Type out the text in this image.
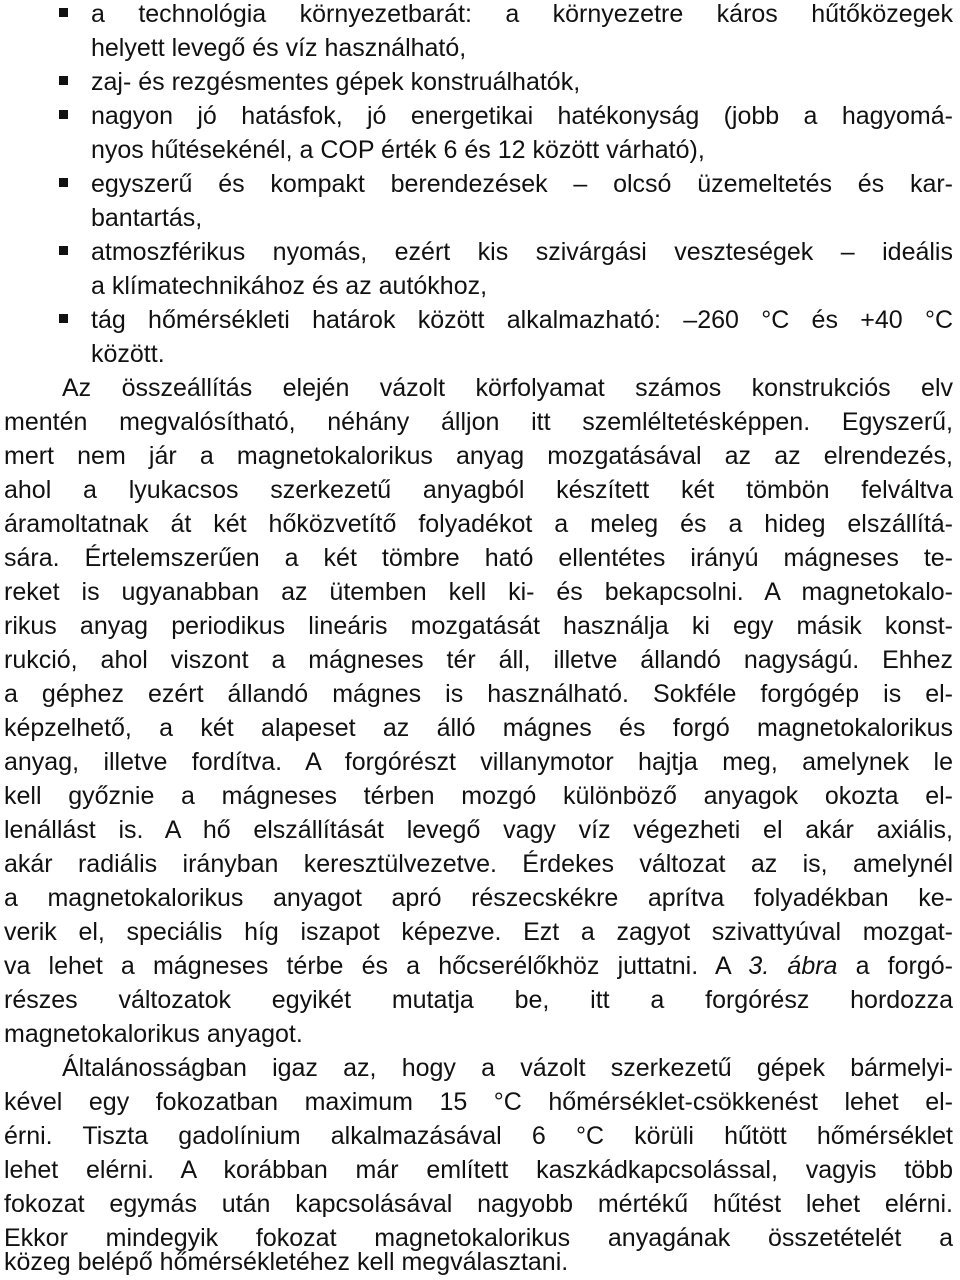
a technológia környezetbarát: a környezetre káros hűtőközegek
helyett levegő és víz használható,
zaj- és rezgésmentes gépek konstruálhatók,
nagyon jó hatásfok, jó energetikai hatékonyság (jobb a hagyomá-
nyos hűtésekénél, a COP érték 6 és 12 között várható),
egyszerű és kompakt berendezések – olcsó üzemeltetés és kar-
bantartás,
atmoszférikus nyomás, ezért kis szivárgási veszteségek – ideális
a klímatechnikához és az autókhoz,
tág hőmérsékleti határok között alkalmazható: –260 °C és +40 °C
között.
Az összeállítás elején vázolt körfolyamat számos konstrukciós elv
mentén megvalósítható, néhány álljon itt szemléltetésképpen. Egyszerű,
mert nem jár a magnetokalorikus anyag mozgatásával az az elrendezés,
ahol a lyukacsos szerkezetű anyagból készített két tömbön felváltva
áramoltatnak át két hőközvetítő folyadékot a meleg és a hideg elszállítá-
sára. Értelemszerűen a két tömbre ható ellentétes irányú mágneses te-
reket is ugyanabban az ütemben kell ki- és bekapcsolni. A magnetokalo-
rikus anyag periodikus lineáris mozgatását használja ki egy másik konst-
rukció, ahol viszont a mágneses tér áll, illetve állandó nagyságú. Ehhez
a géphez ezért állandó mágnes is használható. Sokféle forgógép is el-
képzelhető, a két alapeset az álló mágnes és forgó magnetokalorikus
anyag, illetve fordítva. A forgórészt villanymotor hajtja meg, amelynek le
kell győznie a mágneses térben mozgó különböző anyagok okozta el-
lenállást is. A hő elszállítását levegő vagy víz végezheti el akár axiális,
akár radiális irányban keresztülvezetve. Érdekes változat az is, amelynél
a magnetokalorikus anyagot apró részecskékre aprítva folyadékban ke-
verik el, speciális híg iszapot képezve. Ezt a zagyot szivattyúval mozgat-
va lehet a mágneses térbe és a hőcserélőkhöz juttatni. A 3. ábra a forgó-
részes változatok egyikét mutatja be, itt a forgórész hordozza
magnetokalorikus anyagot.
Általánosságban igaz az, hogy a vázolt szerkezetű gépek bármelyi-
kével egy fokozatban maximum 15 °C hőmérséklet-csökkenést lehet el-
érni. Tiszta gadolínium alkalmazásával 6 °C körüli hűtött hőmérséklet
lehet elérni. A korábban már említett kaszkádkapcsolással, vagyis több
fokozat egymás után kapcsolásával nagyobb mértékű hűtést lehet elérni.
Ekkor mindegyik fokozat magnetokalorikus anyagának összetételét a
közeg belépő hőmérsékletéhez kell megválasztani.
